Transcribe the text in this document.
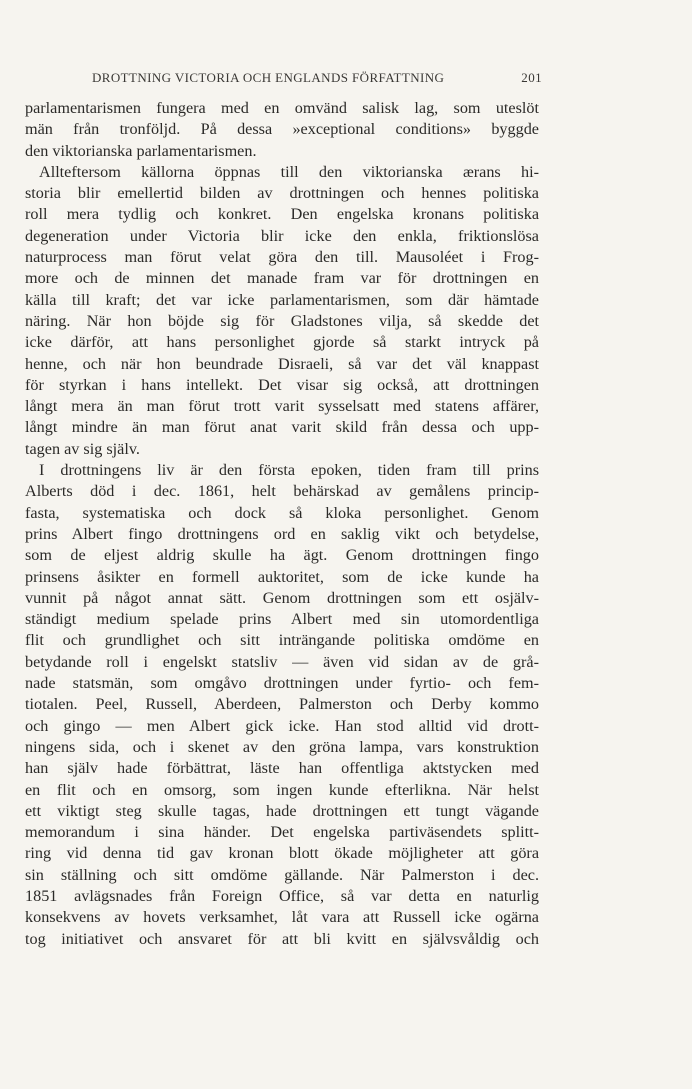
DROTTNING VICTORIA OCH ENGLANDS FÖRFATTNING	201
parlamentarismen fungera med en omvänd salisk lag, som uteslöt
män från tronföljd. På dessa »exceptional conditions» byggde
den viktorianska parlamentarismen.
Allteftersom källorna öppnas till den viktorianska ærans hi-
storia blir emellertid bilden av drottningen och hennes politiska
roll mera tydlig och konkret. Den engelska kronans politiska
degeneration under Victoria blir icke den enkla, friktionslösa
naturprocess man förut velat göra den till. Mausoléet i Frog-
more och de minnen det manade fram var för drottningen en
källa till kraft; det var icke parlamentarismen, som där hämtade
näring. När hon böjde sig för Gladstones vilja, så skedde det
icke därför, att hans personlighet gjorde så starkt intryck på
henne, och när hon beundrade Disraeli, så var det väl knappast
för styrkan i hans intellekt. Det visar sig också, att drottningen
långt mera än man förut trott varit sysselsatt med statens affärer,
långt mindre än man förut anat varit skild från dessa och upp-
tagen av sig själv.
I drottningens liv är den första epoken, tiden fram till prins
Alberts död i dec. 1861, helt behärskad av gemålens princip-
fasta, systematiska och dock så kloka personlighet. Genom
prins Albert fingo drottningens ord en saklig vikt och betydelse,
som de eljest aldrig skulle ha ägt. Genom drottningen fingo
prinsens åsikter en formell auktoritet, som de icke kunde ha
vunnit på något annat sätt. Genom drottningen som ett osjälv-
ständigt medium spelade prins Albert med sin utomordentliga
flit och grundlighet och sitt inträngande politiska omdöme en
betydande roll i engelskt statsliv — även vid sidan av de grå-
nade statsmän, som omgåvo drottningen under fyrtio- och fem-
tiotalen. Peel, Russell, Aberdeen, Palmerston och Derby kommo
och gingo — men Albert gick icke. Han stod alltid vid drott-
ningens sida, och i skenet av den gröna lampa, vars konstruktion
han själv hade förbättrat, läste han offentliga aktstycken med
en flit och en omsorg, som ingen kunde efterlikna. När helst
ett viktigt steg skulle tagas, hade drottningen ett tungt vägande
memorandum i sina händer. Det engelska partiväsendets splitt-
ring vid denna tid gav kronan blott ökade möjligheter att göra
sin ställning och sitt omdöme gällande. När Palmerston i dec.
1851 avlägsnades från Foreign Office, så var detta en naturlig
konsekvens av hovets verksamhet, låt vara att Russell icke ogärna
tog initiativet och ansvaret för att bli kvitt en självsvåldig och
